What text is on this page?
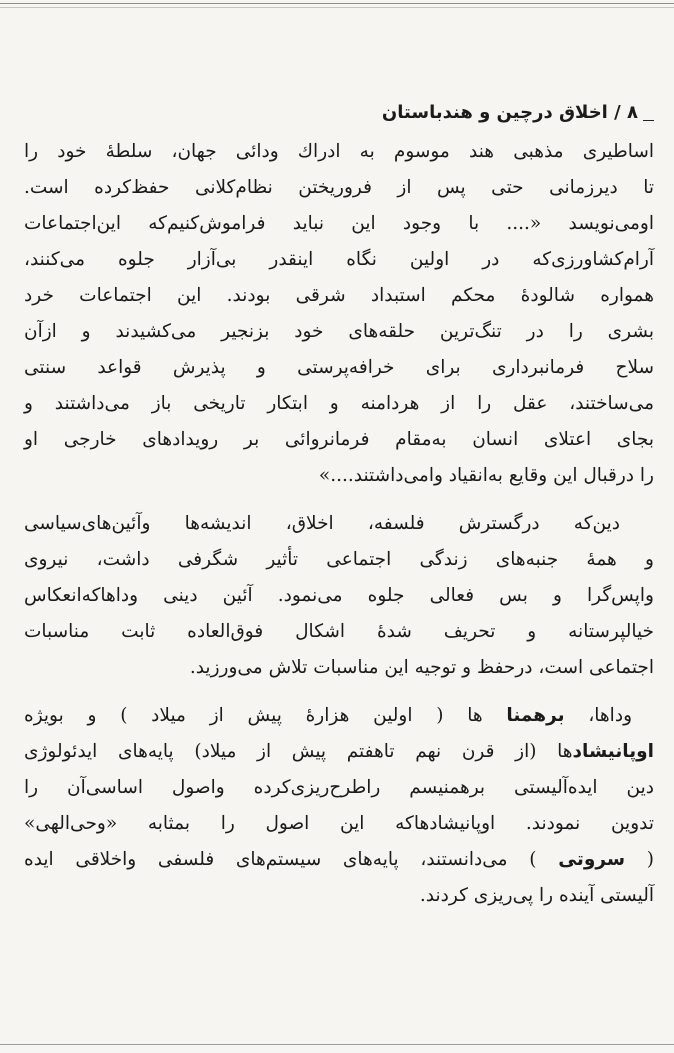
۸ / اخلاق درچین و هندباستان
اساطیری مذهبی هند موسوم به ادراك ودائی جهان، سلطهٔ خود را
تا دیرزمانی حتی پس از فروریختن نظام‌کلانی حفظ‌کرده است.
اومی‌نویسد «.... با وجود این نباید فراموش‌کنیم‌که این‌اجتماعات
آرام‌کشاورزی‌که در اولین نگاه اینقدر بی‌آزار جلوه می‌کنند،
همواره شالودهٔ محکم استبداد شرقی بودند. این اجتماعات خرد
بشری را در تنگ‌ترین حلقه‌های خود بزنجیر می‌کشیدند و ازآن
سلاح فرمانبرداری برای خرافه‌پرستی و پذیرش قواعد سنتی
می‌ساختند، عقل را از هردامنه و ابتکار تاریخی باز می‌داشتند و
بجای اعتلای انسان به‌مقام فرمانروائی بر رویدادهای خارجی او
را درقبال این وقایع به‌انقیاد وامی‌داشتند....»
دین‌که درگسترش فلسفه، اخلاق، اندیشه‌ها وآئین‌های‌سیاسی
و همهٔ جنبه‌های زندگی اجتماعی تأثیر شگرفی داشت، نیروی
واپس‌گرا و بس فعالی جلوه می‌نمود. آئین دینی وداها‌که‌انعکاس
خیالپرستانه و تحریف شدهٔ اشکال فوق‌العاده ثابت مناسبات
اجتماعی است، درحفظ و توجیه این مناسبات تلاش می‌ورزید.
وداها، برهمنا ها ( اولین هزارهٔ پیش از میلاد ) و بویژه
اوپانیشادها (از قرن نهم تاهفتم پیش از میلاد) پایه‌های ایدئولوژی
دین ایده‌آلیستی برهمنیسم راطرح‌ریزی‌کرده واصول اساسی‌آن را
تدوین نمودند. اوپانیشادها‌که این اصول را بمثابه «وحی‌الهی»
( سروتی ) می‌دانستند، پایه‌های سیستم‌های فلسفی واخلاقی ایده‌
آلیستی آینده را پی‌ریزی کردند.
